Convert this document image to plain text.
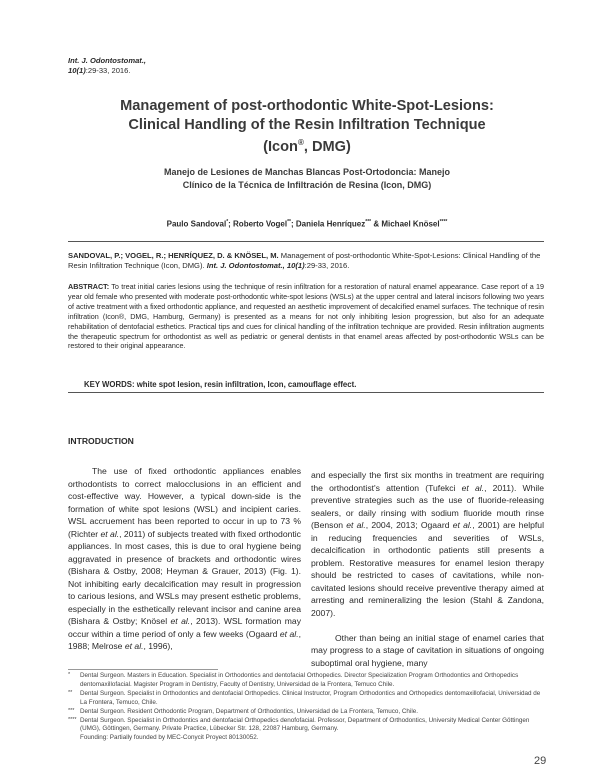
Int. J. Odontostomat.,
10(1):29-33, 2016.
Management of post-orthodontic White-Spot-Lesions:
Clinical Handling of the Resin Infiltration Technique
(Icon®, DMG)
Manejo de Lesiones de Manchas Blancas Post-Ortodoncia: Manejo
Clínico de la Técnica de Infiltración de Resina (Icon, DMG)
Paulo Sandoval*; Roberto Vogel**; Daniela Henríquez*** & Michael Knösel****
SANDOVAL, P.; VOGEL, R.; HENRÍQUEZ, D. & KNÖSEL, M. Management of post-orthodontic White-Spot-Lesions: Clinical Handling of the Resin Infiltration Technique (Icon, DMG). Int. J. Odontostomat., 10(1):29-33, 2016.
ABSTRACT: To treat initial caries lesions using the technique of resin infiltration for a restoration of natural enamel appearance. Case report of a 19 year old female who presented with moderate post-orthodontic white-spot lesions (WSLs) at the upper central and lateral incisors following two years of active treatment with a fixed orthodontic appliance, and requested an aesthetic improvement of decalcified enamel surfaces. The technique of resin infiltration (Icon®, DMG, Hamburg, Germany) is presented as a means for not only inhibiting lesion progression, but also for an adequate rehabilitation of dentofacial esthetics. Practical tips and cues for clinical handling of the infiltration technique are provided. Resin infiltration augments the therapeutic spectrum for orthodontist as well as pediatric or general dentists in that enamel areas affected by post-orthodontic WSLs can be restored to their original appearance.
KEY WORDS: white spot lesion, resin infiltration, Icon, camouflage effect.
INTRODUCTION

The use of fixed orthodontic appliances enables orthodontists to correct malocclusions in an efficient and cost-effective way. However, a typical down-side is the formation of white spot lesions (WSL) and incipient caries. WSL accruement has been reported to occur in up to 73 % (Richter et al., 2011) of subjects treated with fixed orthodontic appliances. In most cases, this is due to oral hygiene being aggravated in presence of brackets and orthodontic wires (Bishara & Ostby, 2008; Heyman & Grauer, 2013) (Fig. 1). Not inhibiting early decalcification may result in progression to carious lesions, and WSLs may present esthetic problems, especially in the esthetically relevant incisor and canine area (Bishara & Ostby; Knösel et al., 2013). WSL formation may occur within a time period of only a few weeks (Ogaard et al., 1988; Melrose et al., 1996),

and especially the first six months in treatment are requiring the orthodontist's attention (Tufekci et al., 2011). While preventive strategies such as the use of fluoride-releasing sealers, or daily rinsing with sodium fluoride mouth rinse (Benson et al., 2004, 2013; Ogaard et al., 2001) are helpful in reducing frequencies and severities of WSLs, decalcification in orthodontic patients still presents a problem. Restorative measures for enamel lesion therapy should be restricted to cases of cavitations, while non-cavitated lesions should receive preventive therapy aimed at arresting and remineralizing the lesion (Stahl & Zandona, 2007).

Other than being an initial stage of enamel caries that may progress to a stage of cavitation in situations of ongoing suboptimal oral hygiene, many

* Dental Surgeon. Masters in Education. Specialist in Orthodontics and dentofacial Orthopedics. Director Specialization Program Orthodontics and Orthopedics dentomaxillofacial. Magister Program in Dentistry, Faculty of Dentistry, Universidad de la Frontera, Temuco Chile.
** Dental Surgeon. Specialist in Orthodontics and dentofacial Orthopedics. Clinical Instructor, Program Orthodontics and Orthopedics dentomaxillofacial, Universidad de La Frontera, Temuco, Chile.
*** Dental Surgeon. Resident Orthodontic Program, Department of Orthodontics, Universidad de La Frontera, Temuco, Chile.
**** Dental Surgeon. Specialist in Orthodontics and dentofacial Orthopedics denofofacial. Professor, Department of Orthodontics, University Medical Center Göttingen (UMG), Göttingen, Germany. Private Practice, Lübecker Str. 128, 22087 Hamburg, Germany.
Founding: Partially founded by MEC-Conycit Proyect 80130052.
29
